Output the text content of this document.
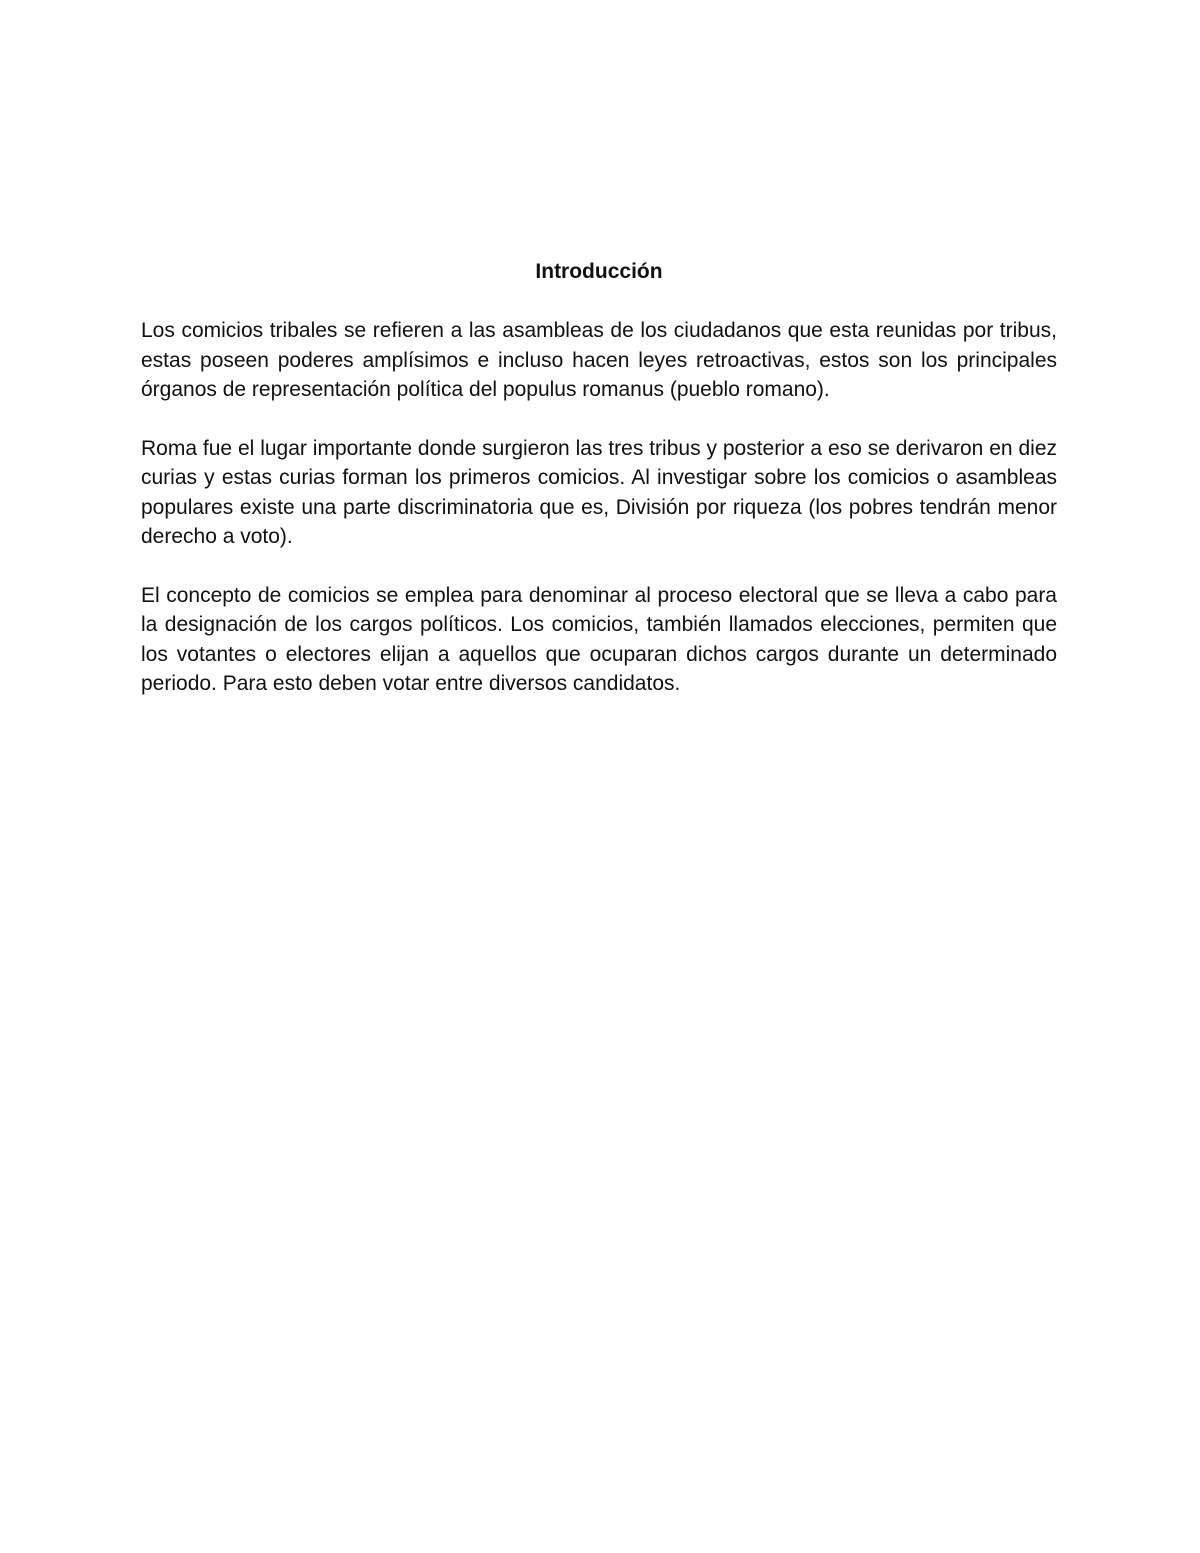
Introducción

Los comicios tribales se refieren a las asambleas de los ciudadanos que esta reunidas por tribus, estas poseen poderes amplísimos e incluso hacen leyes retroactivas, estos son los principales órganos de representación política del populus romanus (pueblo romano).

Roma fue el lugar importante donde surgieron las tres tribus y posterior a eso se derivaron en diez curias y estas curias forman los primeros comicios. Al investigar sobre los comicios o asambleas populares existe una parte discriminatoria que es, División por riqueza (los pobres tendrán menor derecho a voto).

El concepto de comicios se emplea para denominar al proceso electoral que se lleva a cabo para la designación de los cargos políticos. Los comicios, también llamados elecciones, permiten que los votantes o electores elijan a aquellos que ocuparan dichos cargos durante un determinado periodo. Para esto deben votar entre diversos candidatos.
